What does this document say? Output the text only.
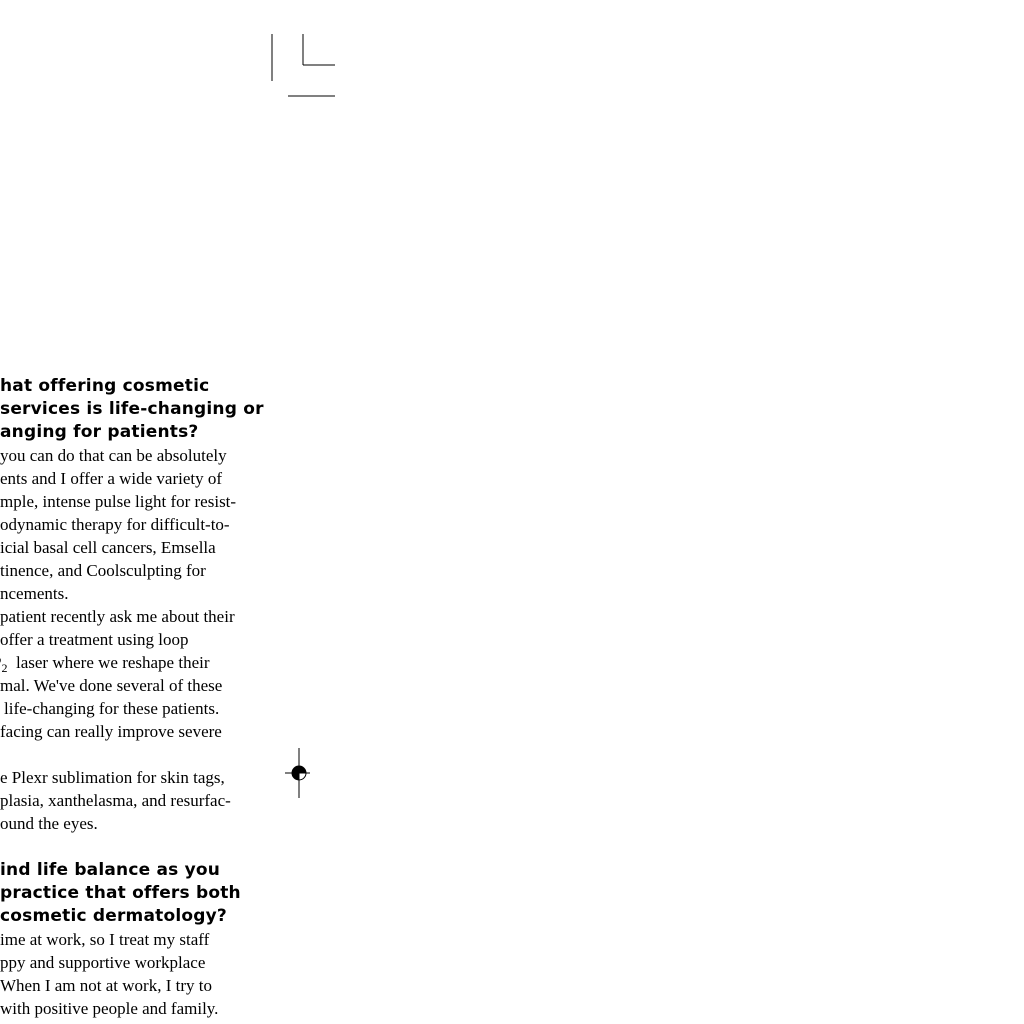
hat offering cosmetic
services is life-changing or
anging for patients?
you can do that can be absolutely
ents and I offer a wide variety of
mple, intense pulse light for resist-
odynamic therapy for difficult-to-
icial basal cell cancers, Emsella
tinence, and Coolsculpting for
ncements.
patient recently ask me about their
offer a treatment using loop
$_2$ laser where we reshape their
mal. We've done several of these
life-changing for these patients.
facing can really improve severe
e Plexr sublimation for skin tags,
plasia, xanthelasma, and resurfac-
ound the eyes.
ind life balance as you
practice that offers both
cosmetic dermatology?
ime at work, so I treat my staff
ppy and supportive workplace
When I am not at work, I try to
with positive people and family.
